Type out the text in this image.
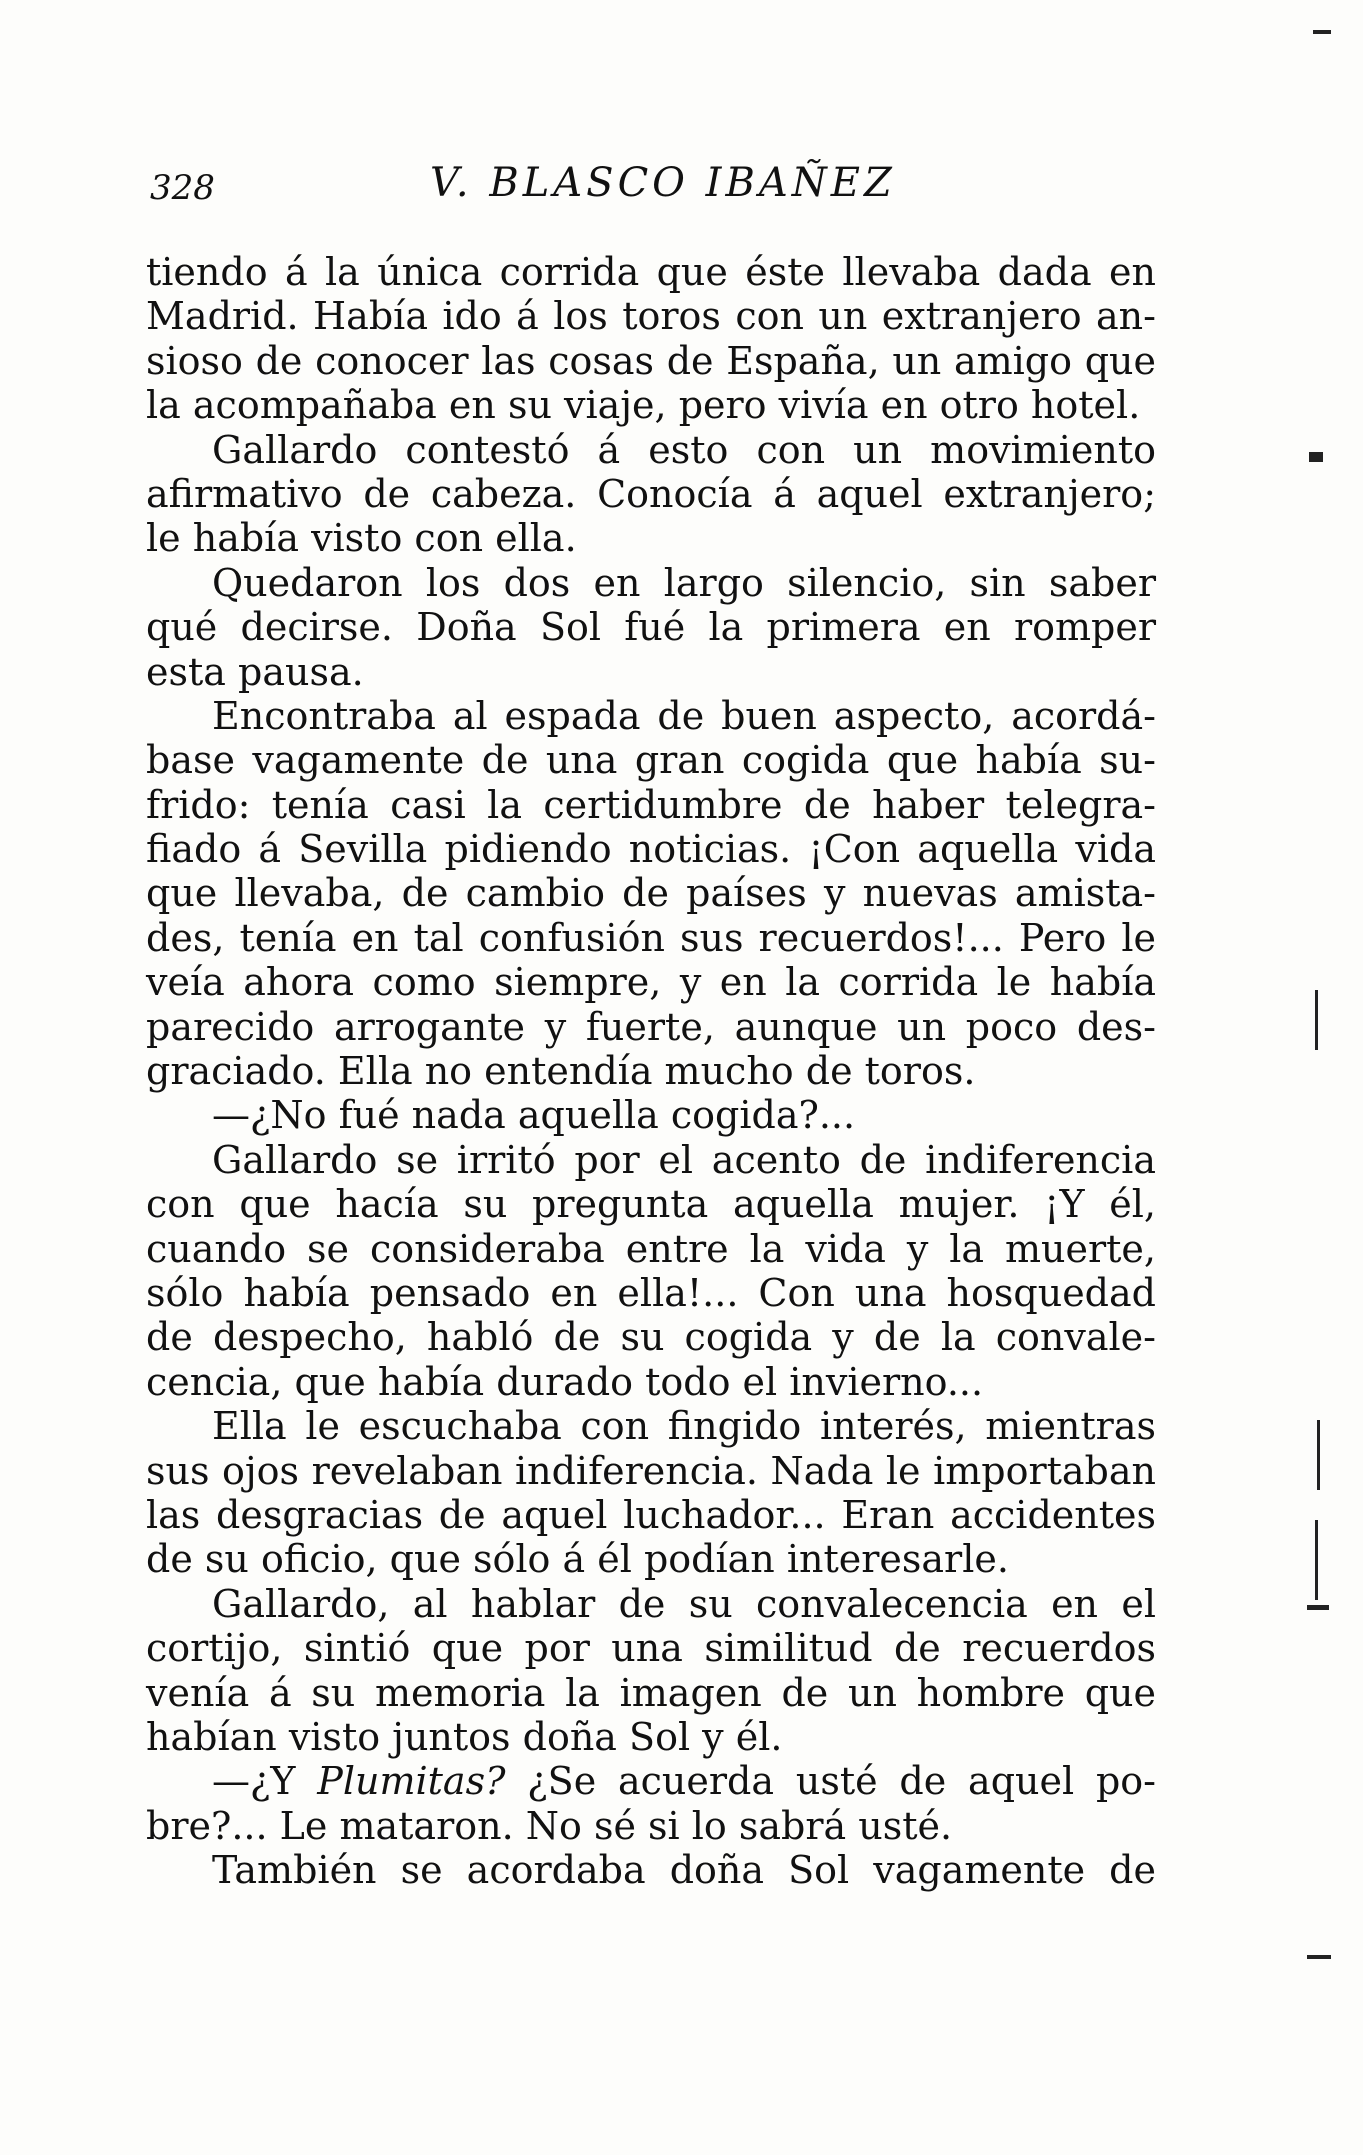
328	V. BLASCO IBAÑEZ
tiendo á la única corrida que éste llevaba dada en
Madrid. Había ido á los toros con un extranjero an-
sioso de conocer las cosas de España, un amigo que
la acompañaba en su viaje, pero vivía en otro hotel.
Gallardo contestó á esto con un movimiento
afirmativo de cabeza. Conocía á aquel extranjero;
le había visto con ella.
Quedaron los dos en largo silencio, sin saber
qué decirse. Doña Sol fué la primera en romper
esta pausa.
Encontraba al espada de buen aspecto, acordá-
base vagamente de una gran cogida que había su-
frido: tenía casi la certidumbre de haber telegra-
fiado á Sevilla pidiendo noticias. ¡Con aquella vida
que llevaba, de cambio de países y nuevas amista-
des, tenía en tal confusión sus recuerdos!... Pero le
veía ahora como siempre, y en la corrida le había
parecido arrogante y fuerte, aunque un poco des-
graciado. Ella no entendía mucho de toros.
—¿No fué nada aquella cogida?...
Gallardo se irritó por el acento de indiferencia
con que hacía su pregunta aquella mujer. ¡Y él,
cuando se consideraba entre la vida y la muerte,
sólo había pensado en ella!... Con una hosquedad
de despecho, habló de su cogida y de la convale-
cencia, que había durado todo el invierno...
Ella le escuchaba con fingido interés, mientras
sus ojos revelaban indiferencia. Nada le importaban
las desgracias de aquel luchador... Eran accidentes
de su oficio, que sólo á él podían interesarle.
Gallardo, al hablar de su convalecencia en el
cortijo, sintió que por una similitud de recuerdos
venía á su memoria la imagen de un hombre que
habían visto juntos doña Sol y él.
—¿Y Plumitas? ¿Se acuerda usté de aquel po-
bre?... Le mataron. No sé si lo sabrá usté.
También se acordaba doña Sol vagamente de
